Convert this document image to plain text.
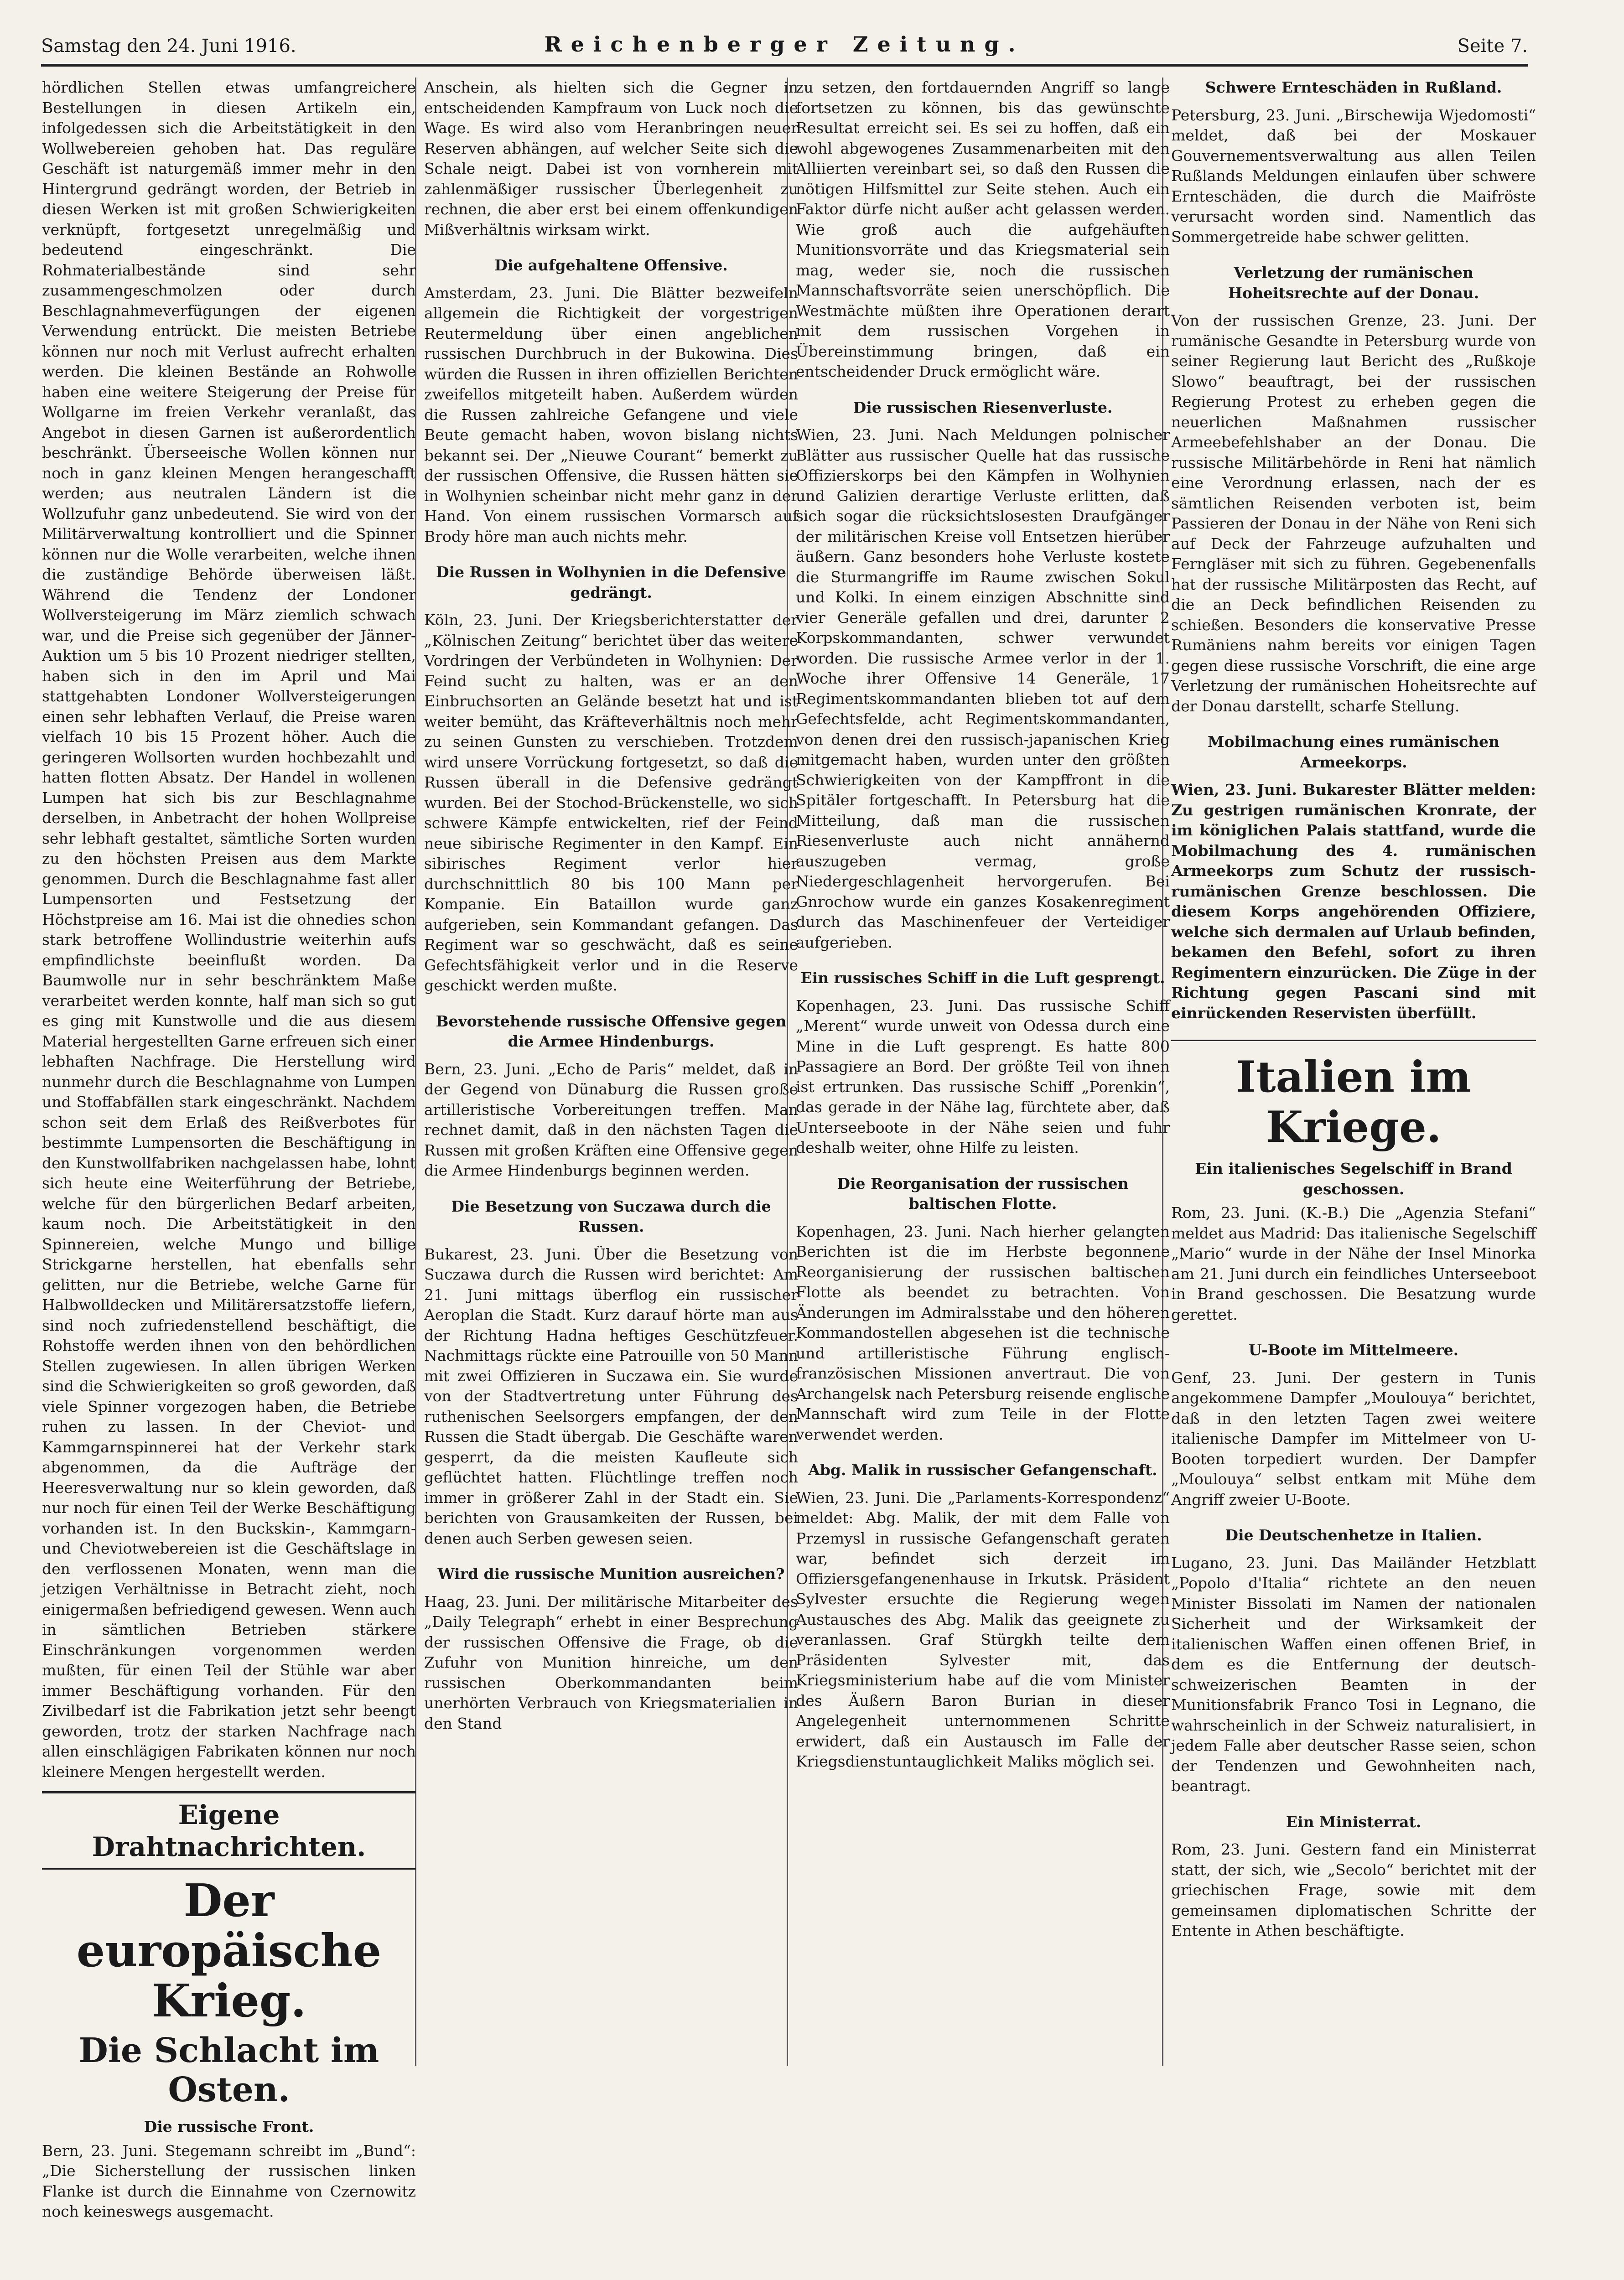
Samstag den 24. Juni 1916.	Reichenberger Zeitung.	Seite 7.

hördlichen Stellen etwas umfangreichere Bestellungen in diesen Artikeln ein, infolgedessen sich die Arbeitstätigkeit in den Wollwebereien gehoben hat. Das reguläre Geschäft ist naturgemäß immer mehr in den Hintergrund gedrängt worden, der Betrieb in diesen Werken ist mit großen Schwierigkeiten verknüpft, fortgesetzt unregelmäßig und bedeutend eingeschränkt. Die Rohmaterialbestände sind sehr zusammengeschmolzen oder durch Beschlagnahmeverfügungen der eigenen Verwendung entrückt. Die meisten Betriebe können nur noch mit Verlust aufrecht erhalten werden. Die kleinen Bestände an Rohwolle haben eine weitere Steigerung der Preise für Wollgarne im freien Verkehr veranlaßt, das Angebot in diesen Garnen ist außerordentlich beschränkt. Überseeische Wollen können nur noch in ganz kleinen Mengen herangeschafft werden; aus neutralen Ländern ist die Wollzufuhr ganz unbedeutend. Sie wird von der Militärverwaltung kontrolliert und die Spinner können nur die Wolle verarbeiten, welche ihnen die zuständige Behörde überweisen läßt. Während die Tendenz der Londoner Wollversteigerung im März ziemlich schwach war, und die Preise sich gegenüber der Jänner-Auktion um 5 bis 10 Prozent niedriger stellten, haben sich in den im April und Mai stattgehabten Londoner Wollversteigerungen einen sehr lebhaften Verlauf, die Preise waren vielfach 10 bis 15 Prozent höher. Auch die geringeren Wollsorten wurden hochbezahlt und hatten flotten Absatz. Der Handel in wollenen Lumpen hat sich bis zur Beschlagnahme derselben, in Anbetracht der hohen Wollpreise sehr lebhaft gestaltet, sämtliche Sorten wurden zu den höchsten Preisen aus dem Markte genommen. Durch die Beschlagnahme fast aller Lumpensorten und Festsetzung der Höchstpreise am 16. Mai ist die ohnedies schon stark betroffene Wollindustrie weiterhin aufs empfindlichste beeinflußt worden. Da Baumwolle nur in sehr beschränktem Maße verarbeitet werden konnte, half man sich so gut es ging mit Kunstwolle und die aus diesem Material hergestellten Garne erfreuen sich einer lebhaften Nachfrage. Die Herstellung wird nunmehr durch die Beschlagnahme von Lumpen und Stoffabfällen stark eingeschränkt. Nachdem schon seit dem Erlaß des Reißverbotes für bestimmte Lumpensorten die Beschäftigung in den Kunstwollfabriken nachgelassen habe, lohnt sich heute eine Weiterführung der Betriebe, welche für den bürgerlichen Bedarf arbeiten, kaum noch. Die Arbeitstätigkeit in den Spinnereien, welche Mungo und billige Strickgarne herstellen, hat ebenfalls sehr gelitten, nur die Betriebe, welche Garne für Halbwolldecken und Militärersatzstoffe liefern, sind noch zufriedenstellend beschäftigt, die Rohstoffe werden ihnen von den behördlichen Stellen zugewiesen. In allen übrigen Werken sind die Schwierigkeiten so groß geworden, daß viele Spinner vorgezogen haben, die Betriebe ruhen zu lassen. In der Cheviot- und Kammgarnspinnerei hat der Verkehr stark abgenommen, da die Aufträge der Heeresverwaltung nur so klein geworden, daß nur noch für einen Teil der Werke Beschäftigung vorhanden ist. In den Buckskin-, Kammgarn- und Cheviotwebereien ist die Geschäftslage in den verflossenen Monaten, wenn man die jetzigen Verhältnisse in Betracht zieht, noch einigermaßen befriedigend gewesen. Wenn auch in sämtlichen Betrieben stärkere Einschränkungen vorgenommen werden mußten, für einen Teil der Stühle war aber immer Beschäftigung vorhanden. Für den Zivilbedarf ist die Fabrikation jetzt sehr beengt geworden, trotz der starken Nachfrage nach allen einschlägigen Fabrikaten können nur noch kleinere Mengen hergestellt werden.

Eigene Drahtnachrichten.
Der europäische Krieg.
Die Schlacht im Osten.
Die russische Front.

Bern, 23. Juni. Stegemann schreibt im „Bund“: „Die Sicherstellung der russischen linken Flanke ist durch die Einnahme von Czernowitz noch keineswegs ausgemacht.

Anschein, als hielten sich die Gegner in entscheidenden Kampfraum von Luck noch die Wage. Es wird also vom Heranbringen neuer Reserven abhängen, auf welcher Seite sich die Schale neigt. Dabei ist von vornherein mit zahlenmäßiger russischer Überlegenheit zu rechnen, die aber erst bei einem offenkundigen Mißverhältnis wirksam wirkt.

Die aufgehaltene Offensive.

Amsterdam, 23. Juni. Die Blätter bezweifeln allgemein die Richtigkeit der vorgestrigen Reutermeldung über einen angeblichen russischen Durchbruch in der Bukowina. Dies würden die Russen in ihren offiziellen Berichten zweifellos mitgeteilt haben. Außerdem würden die Russen zahlreiche Gefangene und viele Beute gemacht haben, wovon bislang nichts bekannt sei. Der „Nieuwe Courant“ bemerkt zu der russischen Offensive, die Russen hätten sie in Wolhynien scheinbar nicht mehr ganz in der Hand. Von einem russischen Vormarsch auf Brody höre man auch nichts mehr.

Die Russen in Wolhynien in die Defensive gedrängt.

Köln, 23. Juni. Der Kriegsberichterstatter der „Kölnischen Zeitung“ berichtet über das weitere Vordringen der Verbündeten in Wolhynien: Der Feind sucht zu halten, was er an den Einbruchsorten an Gelände besetzt hat und ist weiter bemüht, das Kräfteverhältnis noch mehr zu seinen Gunsten zu verschieben. Trotzdem wird unsere Vorrückung fortgesetzt, so daß die Russen überall in die Defensive gedrängt wurden. Bei der Stochod-Brückenstelle, wo sich schwere Kämpfe entwickelten, rief der Feind neue sibirische Regimenter in den Kampf. Ein sibirisches Regiment verlor hier durchschnittlich 80 bis 100 Mann per Kompanie. Ein Bataillon wurde ganz aufgerieben, sein Kommandant gefangen. Das Regiment war so geschwächt, daß es seine Gefechtsfähigkeit verlor und in die Reserve geschickt werden mußte.

Bevorstehende russische Offensive gegen die Armee Hindenburgs.

Bern, 23. Juni. „Echo de Paris“ meldet, daß in der Gegend von Dünaburg die Russen große artilleristische Vorbereitungen treffen. Man rechnet damit, daß in den nächsten Tagen die Russen mit großen Kräften eine Offensive gegen die Armee Hindenburgs beginnen werden.

Die Besetzung von Suczawa durch die Russen.

Bukarest, 23. Juni. Über die Besetzung von Suczawa durch die Russen wird berichtet: Am 21. Juni mittags überflog ein russischer Aeroplan die Stadt. Kurz darauf hörte man aus der Richtung Hadna heftiges Geschützfeuer. Nachmittags rückte eine Patrouille von 50 Mann mit zwei Offizieren in Suczawa ein. Sie wurde von der Stadtvertretung unter Führung des ruthenischen Seelsorgers empfangen, der den Russen die Stadt übergab. Die Geschäfte waren gesperrt, da die meisten Kaufleute sich geflüchtet hatten. Flüchtlinge treffen noch immer in größerer Zahl in der Stadt ein. Sie berichten von Grausamkeiten der Russen, bei denen auch Serben gewesen seien.

Wird die russische Munition ausreichen?

Haag, 23. Juni. Der militärische Mitarbeiter des „Daily Telegraph“ erhebt in einer Besprechung der russischen Offensive die Frage, ob die Zufuhr von Munition hinreiche, um den russischen Oberkommandanten beim unerhörten Verbrauch von Kriegsmaterialien in den Stand

zu setzen, den fortdauernden Angriff so lange fortsetzen zu können, bis das gewünschte Resultat erreicht sei. Es sei zu hoffen, daß ein wohl abgewogenes Zusammenarbeiten mit den Alliierten vereinbart sei, so daß den Russen die nötigen Hilfsmittel zur Seite stehen. Auch ein Faktor dürfe nicht außer acht gelassen werden. Wie groß auch die aufgehäuften Munitionsvorräte und das Kriegsmaterial sein mag, weder sie, noch die russischen Mannschaftsvorräte seien unerschöpflich. Die Westmächte müßten ihre Operationen derart mit dem russischen Vorgehen in Übereinstimmung bringen, daß ein entscheidender Druck ermöglicht wäre.

Die russischen Riesenverluste.

Wien, 23. Juni. Nach Meldungen polnischer Blätter aus russischer Quelle hat das russische Offizierskorps bei den Kämpfen in Wolhynien und Galizien derartige Verluste erlitten, daß sich sogar die rücksichtslosesten Draufgänger der militärischen Kreise voll Entsetzen hierüber äußern. Ganz besonders hohe Verluste kostete die Sturmangriffe im Raume zwischen Sokul und Kolki. In einem einzigen Abschnitte sind vier Generäle gefallen und drei, darunter 2 Korpskommandanten, schwer verwundet worden. Die russische Armee verlor in der 1. Woche ihrer Offensive 14 Generäle, 17 Regimentskommandanten blieben tot auf dem Gefechtsfelde, acht Regimentskommandanten, von denen drei den russisch-japanischen Krieg mitgemacht haben, wurden unter den größten Schwierigkeiten von der Kampffront in die Spitäler fortgeschafft. In Petersburg hat die Mitteilung, daß man die russischen Riesenverluste auch nicht annähernd auszugeben vermag, große Niedergeschlagenheit hervorgerufen. Bei Gnrochow wurde ein ganzes Kosakenregiment durch das Maschinenfeuer der Verteidiger aufgerieben.

Ein russisches Schiff in die Luft gesprengt.

Kopenhagen, 23. Juni. Das russische Schiff „Merent“ wurde unweit von Odessa durch eine Mine in die Luft gesprengt. Es hatte 800 Passagiere an Bord. Der größte Teil von ihnen ist ertrunken. Das russische Schiff „Porenkin“, das gerade in der Nähe lag, fürchtete aber, daß Unterseeboote in der Nähe seien und fuhr deshalb weiter, ohne Hilfe zu leisten.

Die Reorganisation der russischen baltischen Flotte.

Kopenhagen, 23. Juni. Nach hierher gelangten Berichten ist die im Herbste begonnene Reorganisierung der russischen baltischen Flotte als beendet zu betrachten. Von Änderungen im Admiralsstabe und den höheren Kommandostellen abgesehen ist die technische und artilleristische Führung englisch-französischen Missionen anvertraut. Die von Archangelsk nach Petersburg reisende englische Mannschaft wird zum Teile in der Flotte verwendet werden.

Abg. Malik in russischer Gefangenschaft.

Wien, 23. Juni. Die „Parlaments-Korrespondenz“ meldet: Abg. Malik, der mit dem Falle von Przemysl in russische Gefangenschaft geraten war, befindet sich derzeit im Offiziersgefangenenhause in Irkutsk. Präsident Sylvester ersuchte die Regierung wegen Austausches des Abg. Malik das geeignete zu veranlassen. Graf Stürgkh teilte dem Präsidenten Sylvester mit, das Kriegsministerium habe auf die vom Minister des Äußern Baron Burian in dieser Angelegenheit unternommenen Schritte erwidert, daß ein Austausch im Falle der Kriegsdienstuntauglichkeit Maliks möglich sei.

Schwere Ernteschäden in Rußland.

Petersburg, 23. Juni. „Birschewija Wjedomosti“ meldet, daß bei der Moskauer Gouvernementsverwaltung aus allen Teilen Rußlands Meldungen einlaufen über schwere Ernteschäden, die durch die Maifröste verursacht worden sind. Namentlich das Sommergetreide habe schwer gelitten.

Verletzung der rumänischen Hoheitsrechte auf der Donau.

Von der russischen Grenze, 23. Juni. Der rumänische Gesandte in Petersburg wurde von seiner Regierung laut Bericht des „Rußkoje Slowo“ beauftragt, bei der russischen Regierung Protest zu erheben gegen die neuerlichen Maßnahmen russischer Armeebefehlshaber an der Donau. Die russische Militärbehörde in Reni hat nämlich eine Verordnung erlassen, nach der es sämtlichen Reisenden verboten ist, beim Passieren der Donau in der Nähe von Reni sich auf Deck der Fahrzeuge aufzuhalten und Ferngläser mit sich zu führen. Gegebenenfalls hat der russische Militärposten das Recht, auf die an Deck befindlichen Reisenden zu schießen. Besonders die konservative Presse Rumäniens nahm bereits vor einigen Tagen gegen diese russische Vorschrift, die eine arge Verletzung der rumänischen Hoheitsrechte auf der Donau darstellt, scharfe Stellung.

Mobilmachung eines rumänischen Armeekorps.

Wien, 23. Juni. Bukarester Blätter melden: Zu gestrigen rumänischen Kronrate, der im königlichen Palais stattfand, wurde die Mobilmachung des 4. rumänischen Armeekorps zum Schutz der russisch-rumänischen Grenze beschlossen. Die diesem Korps angehörenden Offiziere, welche sich dermalen auf Urlaub befinden, bekamen den Befehl, sofort zu ihren Regimentern einzurücken. Die Züge in der Richtung gegen Pascani sind mit einrückenden Reservisten überfüllt.

Italien im Kriege.
Ein italienisches Segelschiff in Brand geschossen.

Rom, 23. Juni. (K.-B.) Die „Agenzia Stefani“ meldet aus Madrid: Das italienische Segelschiff „Mario“ wurde in der Nähe der Insel Minorka am 21. Juni durch ein feindliches Unterseeboot in Brand geschossen. Die Besatzung wurde gerettet.

U-Boote im Mittelmeere.

Genf, 23. Juni. Der gestern in Tunis angekommene Dampfer „Moulouya“ berichtet, daß in den letzten Tagen zwei weitere italienische Dampfer im Mittelmeer von U-Booten torpediert wurden. Der Dampfer „Moulouya“ selbst entkam mit Mühe dem Angriff zweier U-Boote.

Die Deutschenhetze in Italien.

Lugano, 23. Juni. Das Mailänder Hetzblatt „Popolo d'Italia“ richtete an den neuen Minister Bissolati im Namen der nationalen Sicherheit und der Wirksamkeit der italienischen Waffen einen offenen Brief, in dem es die Entfernung der deutsch-schweizerischen Beamten in der Munitionsfabrik Franco Tosi in Legnano, die wahrscheinlich in der Schweiz naturalisiert, in jedem Falle aber deutscher Rasse seien, schon der Tendenzen und Gewohnheiten nach, beantragt.

Ein Ministerrat.

Rom, 23. Juni. Gestern fand ein Ministerrat statt, der sich, wie „Secolo“ berichtet mit der griechischen Frage, sowie mit dem gemeinsamen diplomatischen Schritte der Entente in Athen beschäftigte.
